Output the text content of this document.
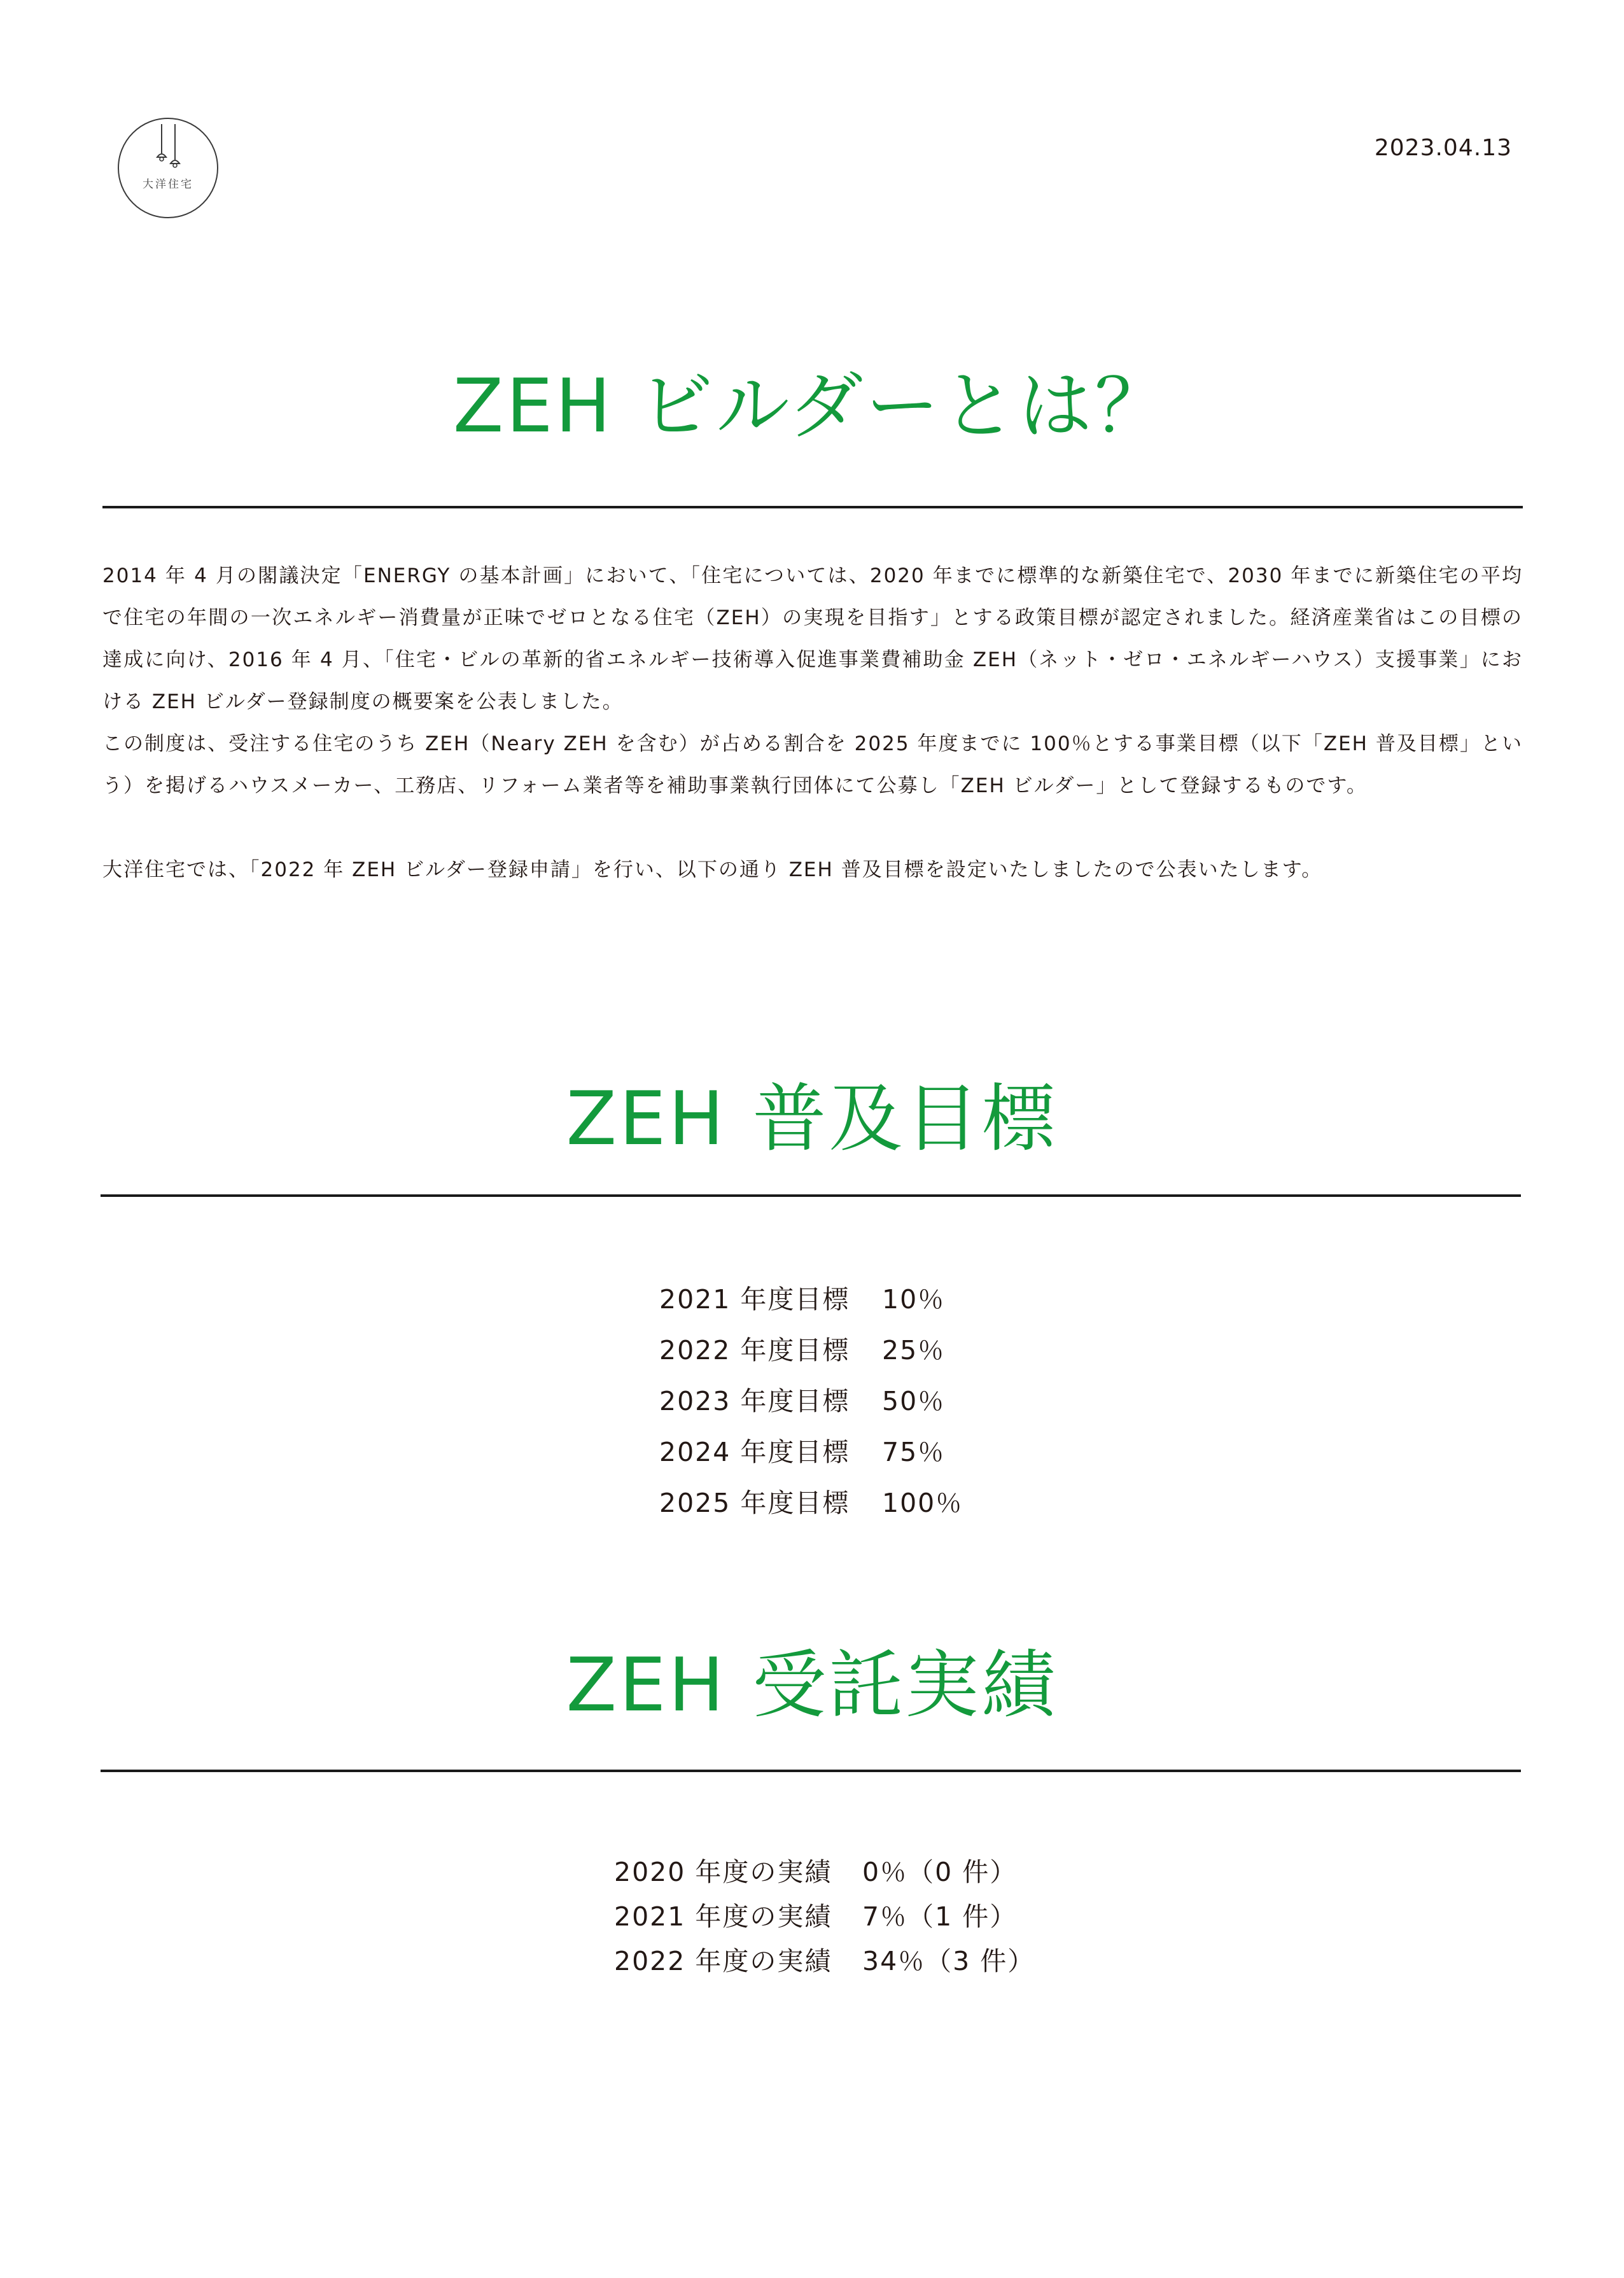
大洋住宅
2023.04.13
ZEH ビルダーとは？

2014 年 4 月の閣議決定「ENERGY の基本計画」において、「住宅については、2020 年までに標準的な新築住宅で、2030 年までに新築住宅の平均で住宅の年間の一次エネルギー消費量が正味でゼロとなる住宅（ZEH）の実現を目指す」とする政策目標が認定されました。経済産業省はこの目標の達成に向け、2016 年 4 月、「住宅・ビルの革新的省エネルギー技術導入促進事業費補助金 ZEH（ネット・ゼロ・エネルギーハウス）支援事業」における ZEH ビルダー登録制度の概要案を公表しました。

この制度は、受注する住宅のうち ZEH（Neary ZEH を含む）が占める割合を 2025 年度までに 100％とする事業目標（以下「ZEH 普及目標」という）を掲げるハウスメーカー、工務店、リフォーム業者等を補助事業執行団体にて公募し「ZEH ビルダー」として登録するものです。

大洋住宅では、「2022 年 ZEH ビルダー登録申請」を行い、以下の通り ZEH 普及目標を設定いたしましたので公表いたします。

ZEH 普及目標
2021 年度目標	10％
2022 年度目標	25％
2023 年度目標	50％
2024 年度目標	75％
2025 年度目標	100％
ZEH 受託実績
2020 年度の実績	0％（0 件）
2021 年度の実績	7％（1 件）
2022 年度の実績	34％（3 件）
